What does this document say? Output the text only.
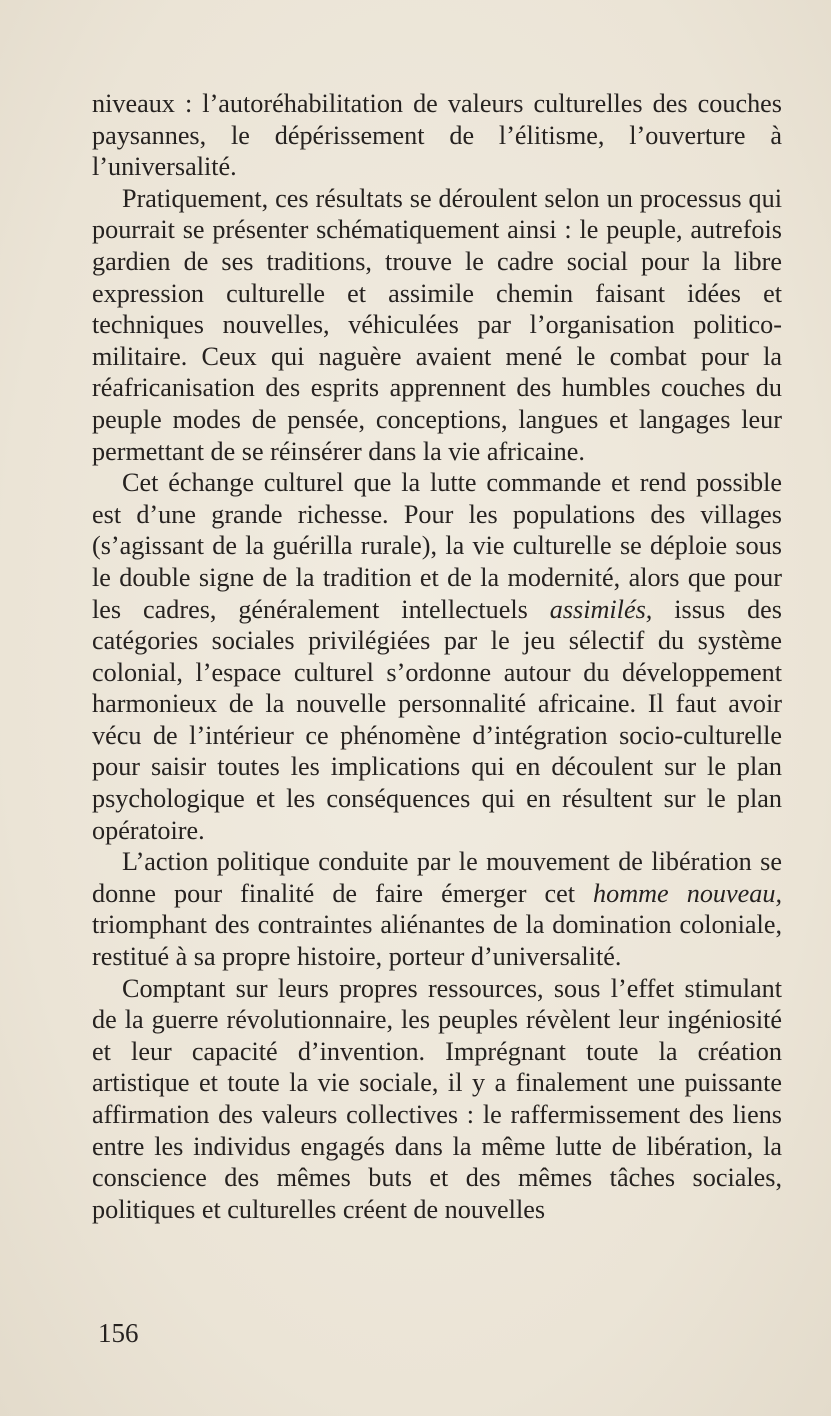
niveaux : l’autoréhabilitation de valeurs culturelles des couches paysannes, le dépérissement de l’élitisme, l’ouverture à l’universalité.

Pratiquement, ces résultats se déroulent selon un processus qui pourrait se présenter schématiquement ainsi : le peuple, autrefois gardien de ses traditions, trouve le cadre social pour la libre expression culturelle et assimile chemin faisant idées et techniques nouvelles, véhiculées par l’organisation politico-militaire. Ceux qui naguère avaient mené le combat pour la réafricanisation des esprits apprennent des humbles couches du peuple modes de pensée, conceptions, langues et langages leur permettant de se réinsérer dans la vie africaine.

Cet échange culturel que la lutte commande et rend possible est d’une grande richesse. Pour les populations des villages (s’agissant de la guérilla rurale), la vie culturelle se déploie sous le double signe de la tradition et de la modernité, alors que pour les cadres, généralement intellectuels assimilés, issus des catégories sociales privilégiées par le jeu sélectif du système colonial, l’espace culturel s’ordonne autour du développement harmonieux de la nouvelle personnalité africaine. Il faut avoir vécu de l’intérieur ce phénomène d’intégration socio-culturelle pour saisir toutes les implications qui en découlent sur le plan psychologique et les conséquences qui en résultent sur le plan opératoire.

L’action politique conduite par le mouvement de libération se donne pour finalité de faire émerger cet homme nouveau, triomphant des contraintes aliénantes de la domination coloniale, restitué à sa propre histoire, porteur d’universalité.

Comptant sur leurs propres ressources, sous l’effet stimulant de la guerre révolutionnaire, les peuples révèlent leur ingéniosité et leur capacité d’invention. Imprégnant toute la création artistique et toute la vie sociale, il y a finalement une puissante affirmation des valeurs collectives : le raffermissement des liens entre les individus engagés dans la même lutte de libération, la conscience des mêmes buts et des mêmes tâches sociales, politiques et culturelles créent de nouvelles

156
